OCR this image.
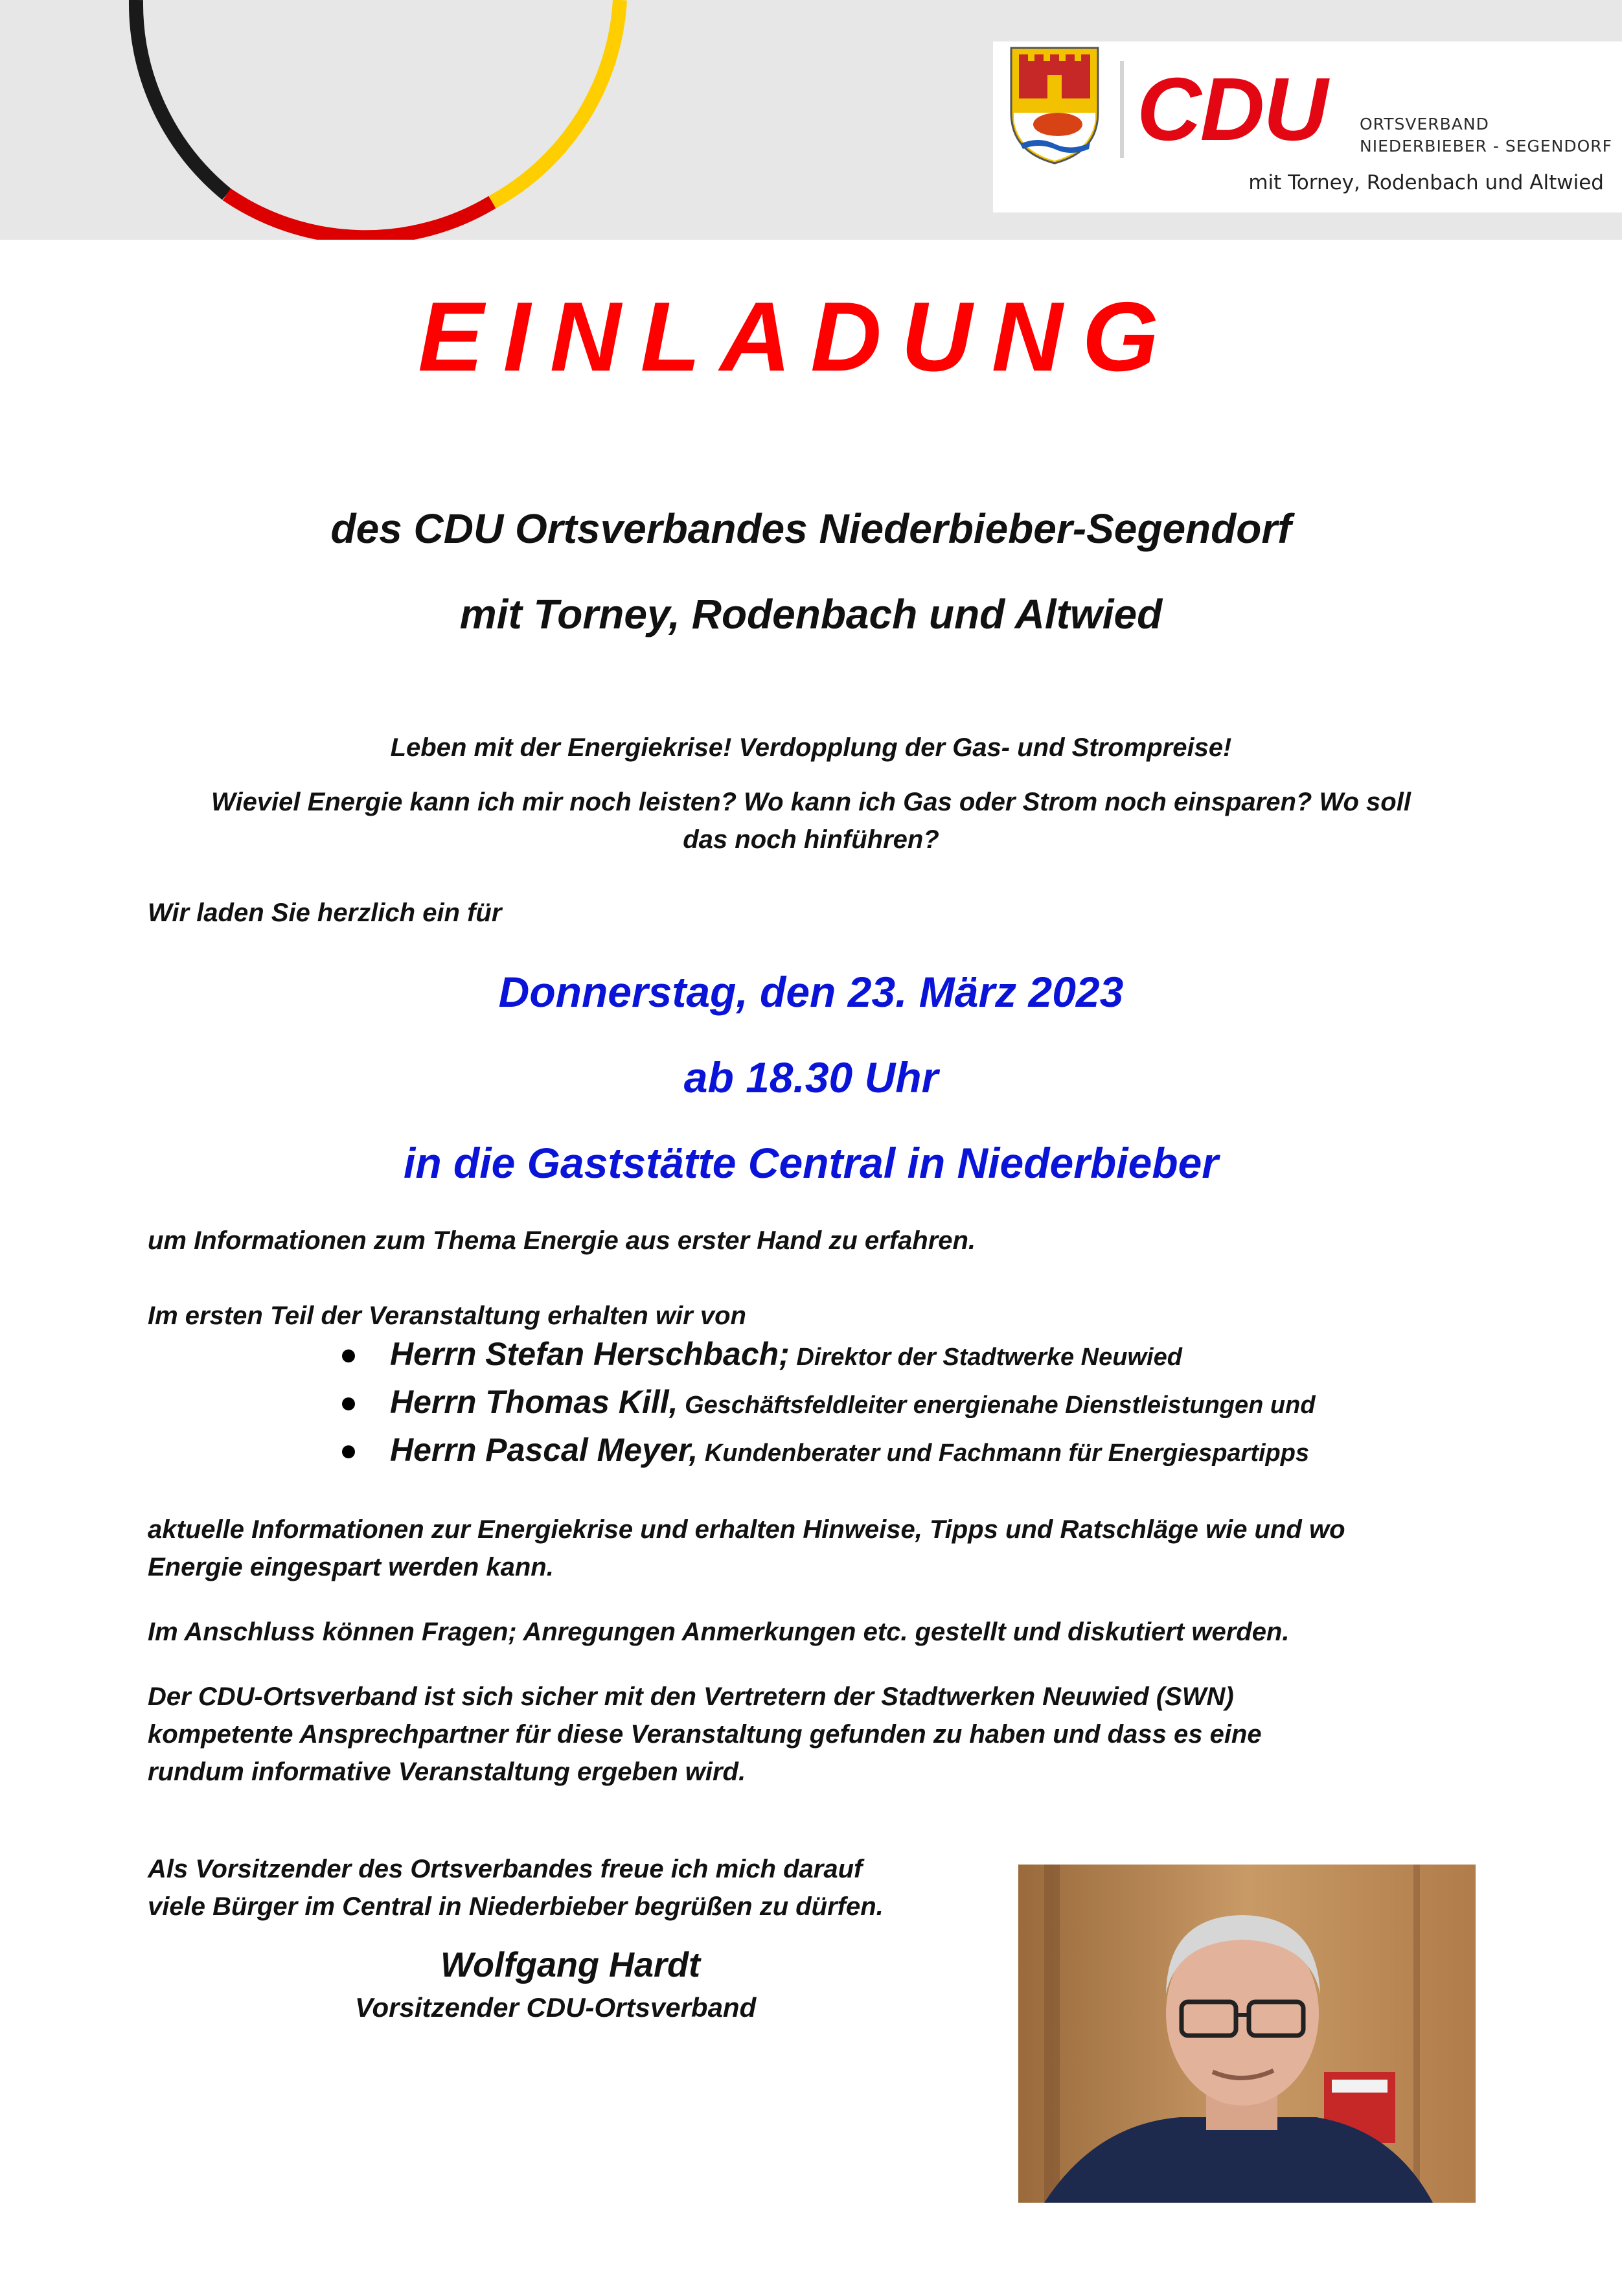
CDU ORTSVERBAND
NIEDERBIEBER - SEGENDORF
mit Torney, Rodenbach und Altwied
EINLADUNG
des CDU Ortsverbandes Niederbieber-Segendorf
mit Torney, Rodenbach und Altwied
Leben mit der Energiekrise! Verdopplung der Gas- und Strompreise!
Wieviel Energie kann ich mir noch leisten? Wo kann ich Gas oder Strom noch einsparen? Wo soll
das noch hinführen?
Wir laden Sie herzlich ein für
Donnerstag, den 23. März 2023
ab 18.30 Uhr
in die Gaststätte Central in Niederbieber
um Informationen zum Thema Energie aus erster Hand zu erfahren.
Im ersten Teil der Veranstaltung erhalten wir von
Herrn Stefan Herschbach; Direktor der Stadtwerke Neuwied
Herrn Thomas Kill, Geschäftsfeldleiter energienahe Dienstleistungen und
Herrn Pascal Meyer, Kundenberater und Fachmann für Energiespartipps
aktuelle Informationen zur Energiekrise und erhalten Hinweise, Tipps und Ratschläge wie und wo
Energie eingespart werden kann.
Im Anschluss können Fragen; Anregungen Anmerkungen etc. gestellt und diskutiert werden.
Der CDU-Ortsverband ist sich sicher mit den Vertretern der Stadtwerken Neuwied (SWN)
kompetente Ansprechpartner für diese Veranstaltung gefunden zu haben und dass es eine
rundum informative Veranstaltung ergeben wird.
Als Vorsitzender des Ortsverbandes freue ich mich darauf
viele Bürger im Central in Niederbieber begrüßen zu dürfen.
Wolfgang Hardt
Vorsitzender CDU-Ortsverband
